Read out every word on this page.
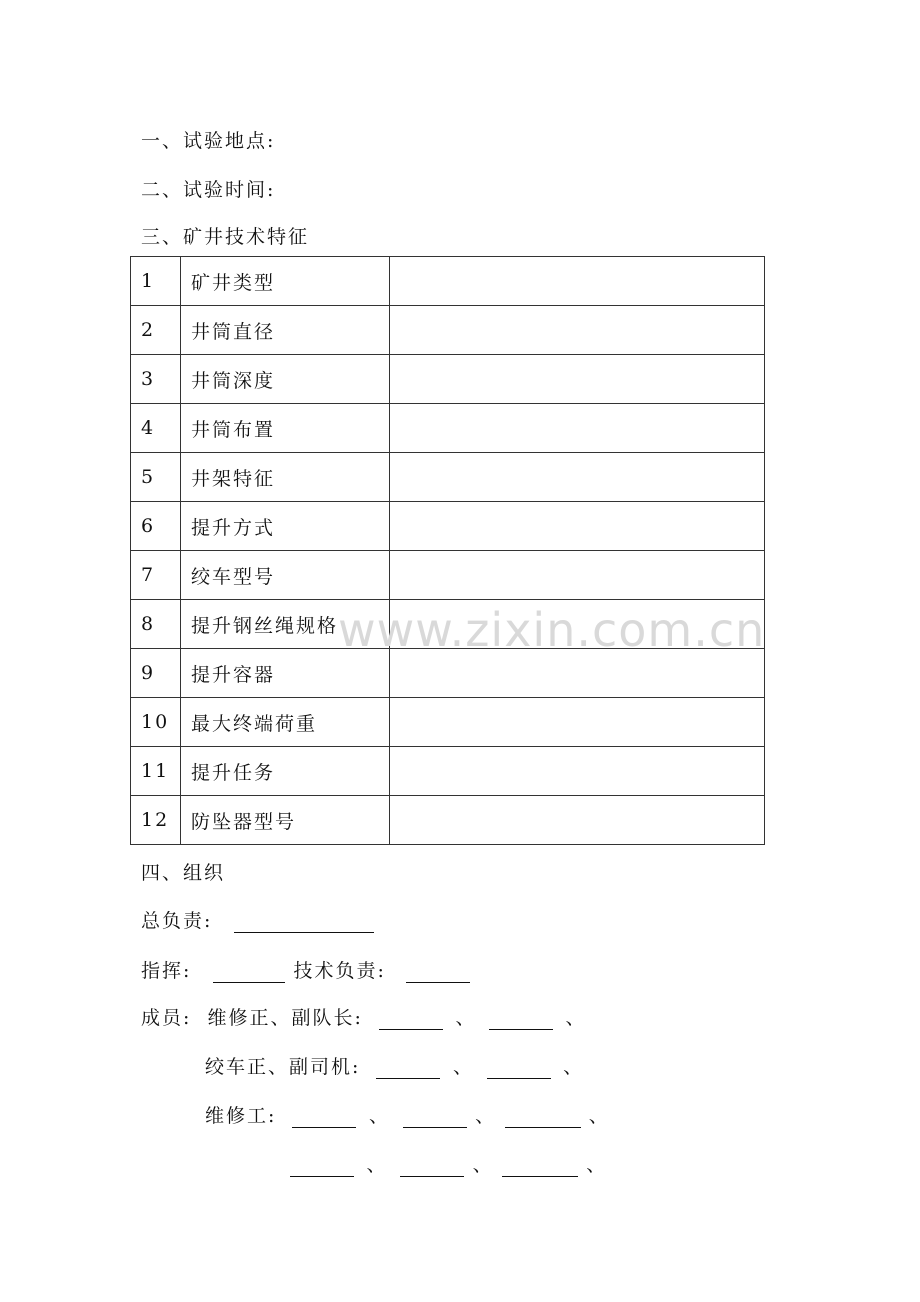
一、试验地点:
二、试验时间:
三、矿井技术特征
1	矿井类型	
2	井筒直径	
3	井筒深度	
4	井筒布置	
5	井架特征	
6	提升方式	
7	绞车型号	
8	提升钢丝绳规格	
9	提升容器	
10	最大终端荷重	
11	提升任务	
12	防坠器型号	
www.zixin.com.cn
四、组织
总负责:
指挥:	技术负责:
成员: 维修正、副队长:	、	、
绞车正、副司机:	、	、
维修工:	、	、	、
、	、	、
